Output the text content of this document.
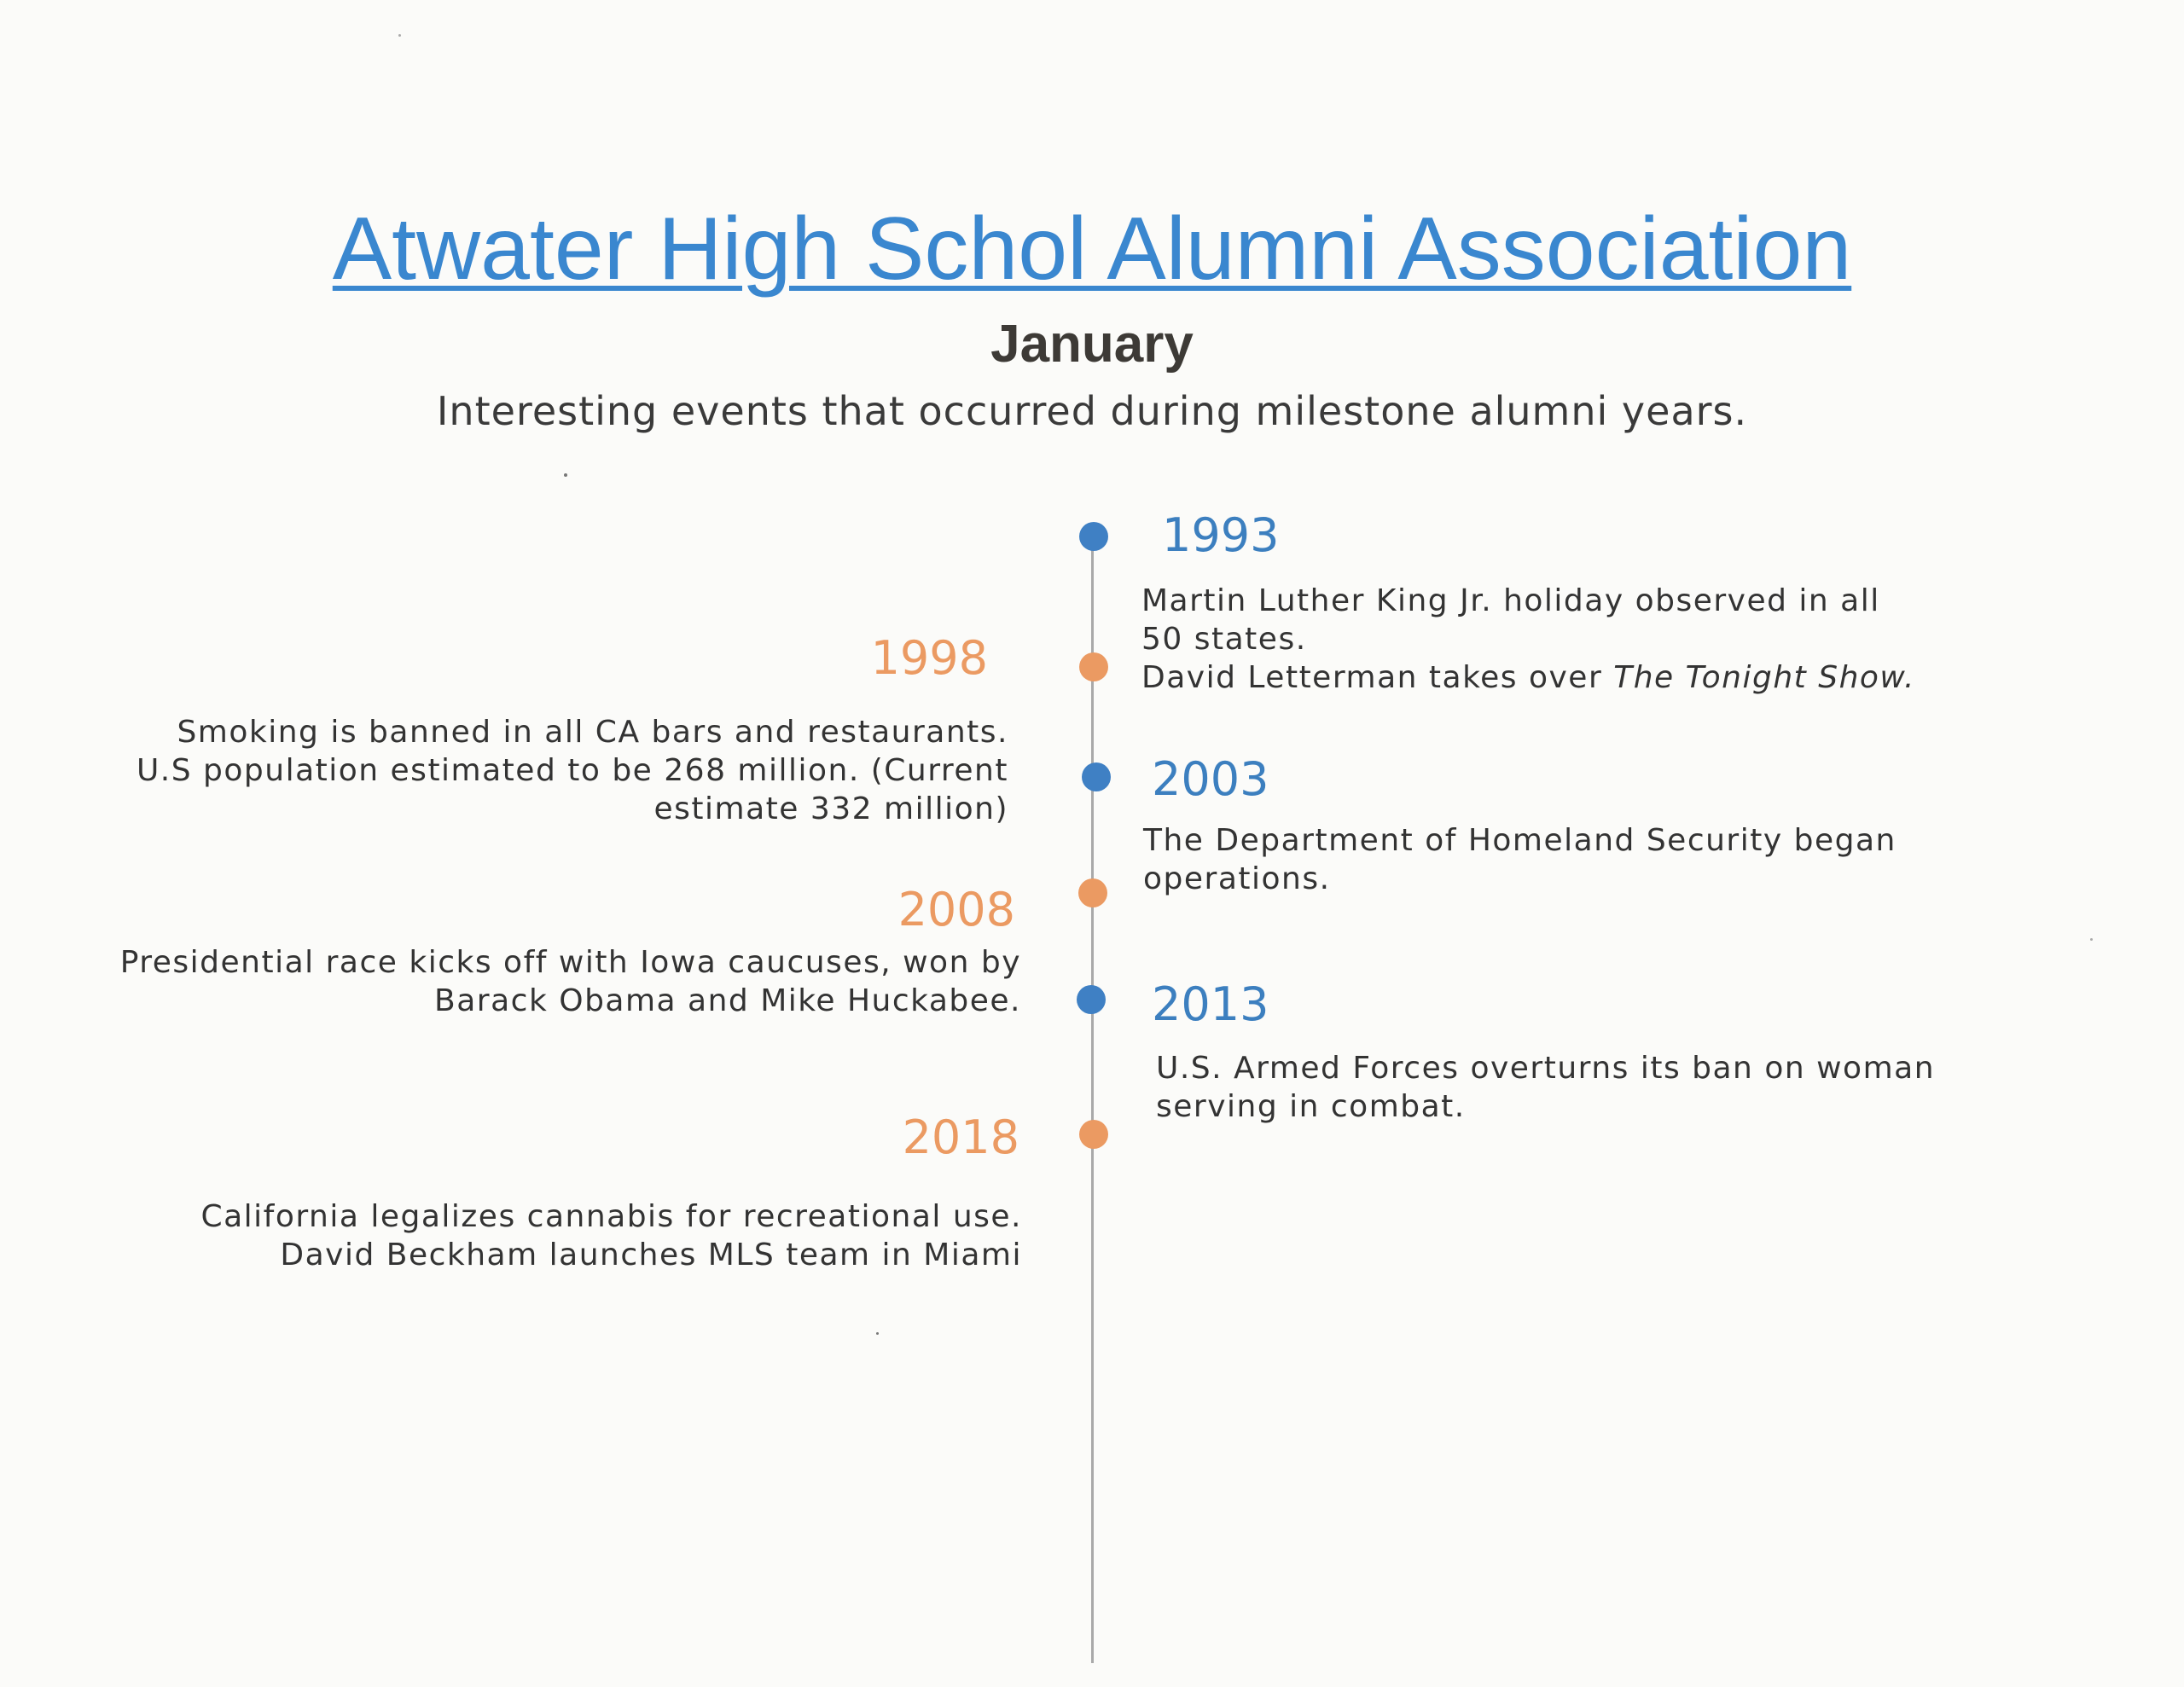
Atwater High Schol Alumni Association
January
Interesting events that occurred during milestone alumni years.
1993
Martin Luther King Jr. holiday observed in all
50 states.
David Letterman takes over The Tonight Show.
1998
Smoking is banned in all CA bars and restaurants.
U.S population estimated to be 268 million. (Current
estimate 332 million)
2003
The Department of Homeland Security began
operations.
2008
Presidential race kicks off with Iowa caucuses, won by
Barack Obama and Mike Huckabee.	2013
U.S. Armed Forces overturns its ban on woman
serving in combat.
2018
California legalizes cannabis for recreational use.
David Beckham launches MLS team in Miami
